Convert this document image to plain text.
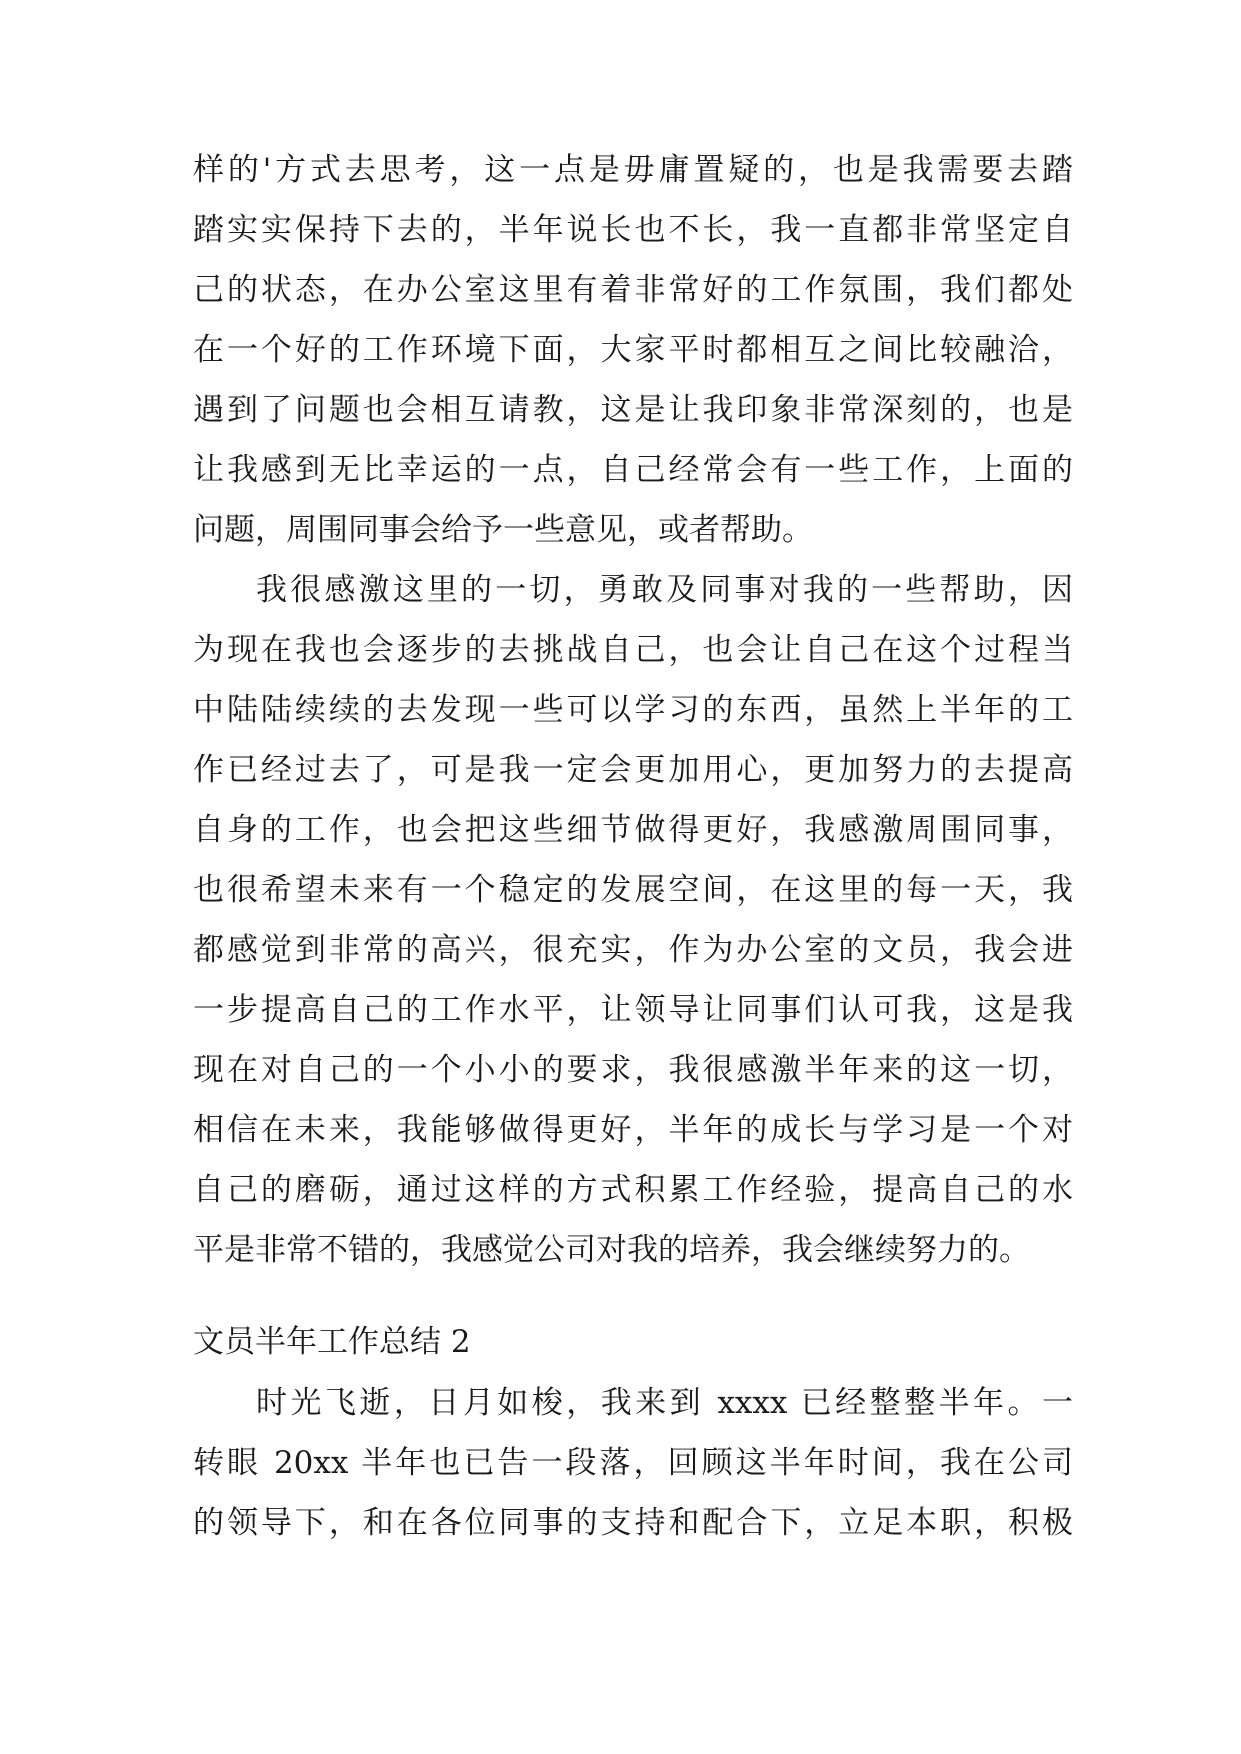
样的'方式去思考，这一点是毋庸置疑的，也是我需要去踏
踏实实保持下去的，半年说长也不长，我一直都非常坚定自
己的状态，在办公室这里有着非常好的工作氛围，我们都处
在一个好的工作环境下面，大家平时都相互之间比较融洽，
遇到了问题也会相互请教，这是让我印象非常深刻的，也是
让我感到无比幸运的一点，自己经常会有一些工作，上面的
问题，周围同事会给予一些意见，或者帮助。
我很感激这里的一切，勇敢及同事对我的一些帮助，因
为现在我也会逐步的去挑战自己，也会让自己在这个过程当
中陆陆续续的去发现一些可以学习的东西，虽然上半年的工
作已经过去了，可是我一定会更加用心，更加努力的去提高
自身的工作，也会把这些细节做得更好，我感激周围同事，
也很希望未来有一个稳定的发展空间，在这里的每一天，我
都感觉到非常的高兴，很充实，作为办公室的文员，我会进
一步提高自己的工作水平，让领导让同事们认可我，这是我
现在对自己的一个小小的要求，我很感激半年来的这一切，
相信在未来，我能够做得更好，半年的成长与学习是一个对
自己的磨砺，通过这样的方式积累工作经验，提高自己的水
平是非常不错的，我感觉公司对我的培养，我会继续努力的。
文员半年工作总结 2
时光飞逝，日月如梭，我来到 xxxx 已经整整半年。一
转眼 20xx 半年也已告一段落，回顾这半年时间，我在公司
的领导下，和在各位同事的支持和配合下，立足本职，积极
